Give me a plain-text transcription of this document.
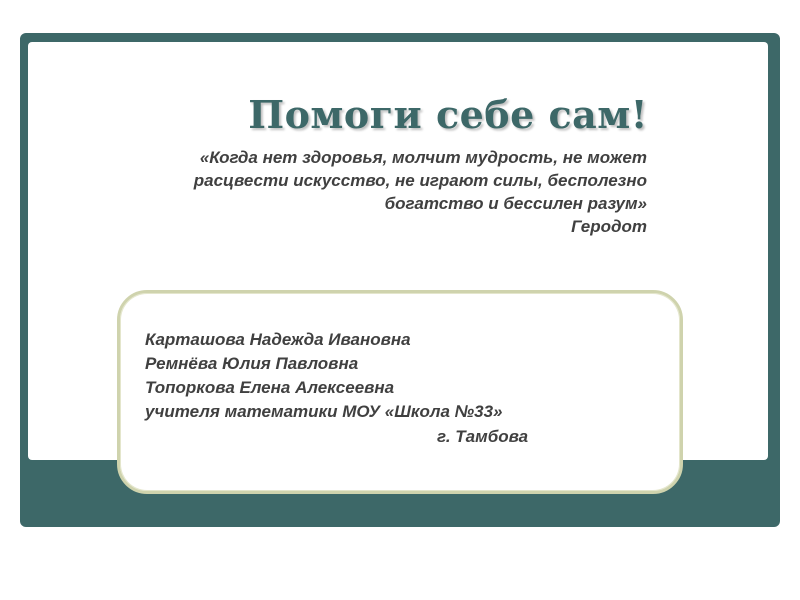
Помоги себе сам!
«Когда нет здоровья, молчит мудрость, не может
расцвести искусство, не играют силы, бесполезно
богатство и бессилен разум»
Геродот
Карташова Надежда Ивановна
Ремнёва Юлия Павловна
Топоркова Елена Алексеевна
учителя математики МОУ «Школа №33»
г. Тамбова
